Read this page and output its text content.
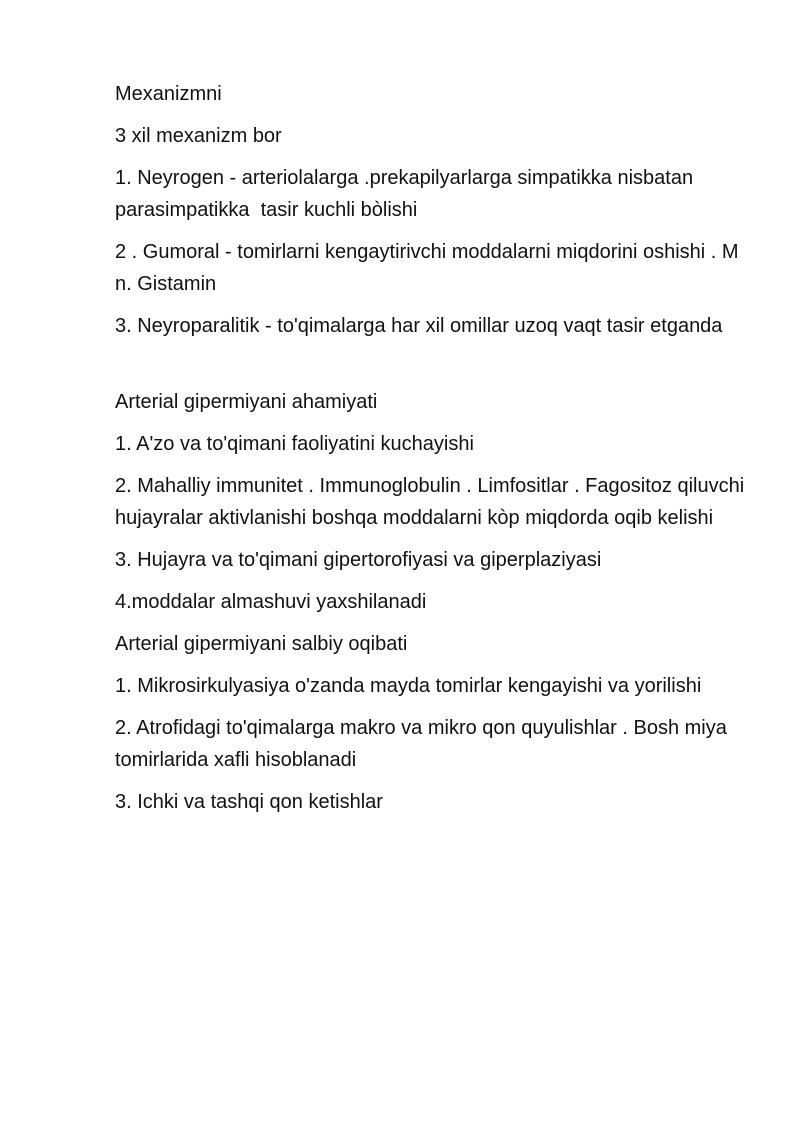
Mexanizmni

3 xil mexanizm bor

1. Neyrogen - arteriolalarga .prekapilyarlarga simpatikka nisbatan  parasimpatikka  tasir kuchli bòlishi

2 . Gumoral - tomirlarni kengaytirivchi moddalarni miqdorini oshishi . M n. Gistamin

3. Neyroparalitik - to'qimalarga har xil omillar uzoq vaqt tasir etganda

Arterial gipermiyani ahamiyati

1. A'zo va to'qimani faoliyatini kuchayishi

2. Mahalliy immunitet . Immunoglobulin . Limfositlar . Fagositoz qiluvchi hujayralar aktivlanishi boshqa moddalarni kòp miqdorda oqib kelishi

3. Hujayra va to'qimani gipertorofiyasi va giperplaziyasi

4.moddalar almashuvi yaxshilanadi

Arterial gipermiyani salbiy oqibati

1. Mikrosirkulyasiya o'zanda mayda tomirlar kengayishi va yorilishi

2. Atrofidagi to'qimalarga makro va mikro qon quyulishlar . Bosh miya tomirlarida xafli hisoblanadi

3. Ichki va tashqi qon ketishlar
